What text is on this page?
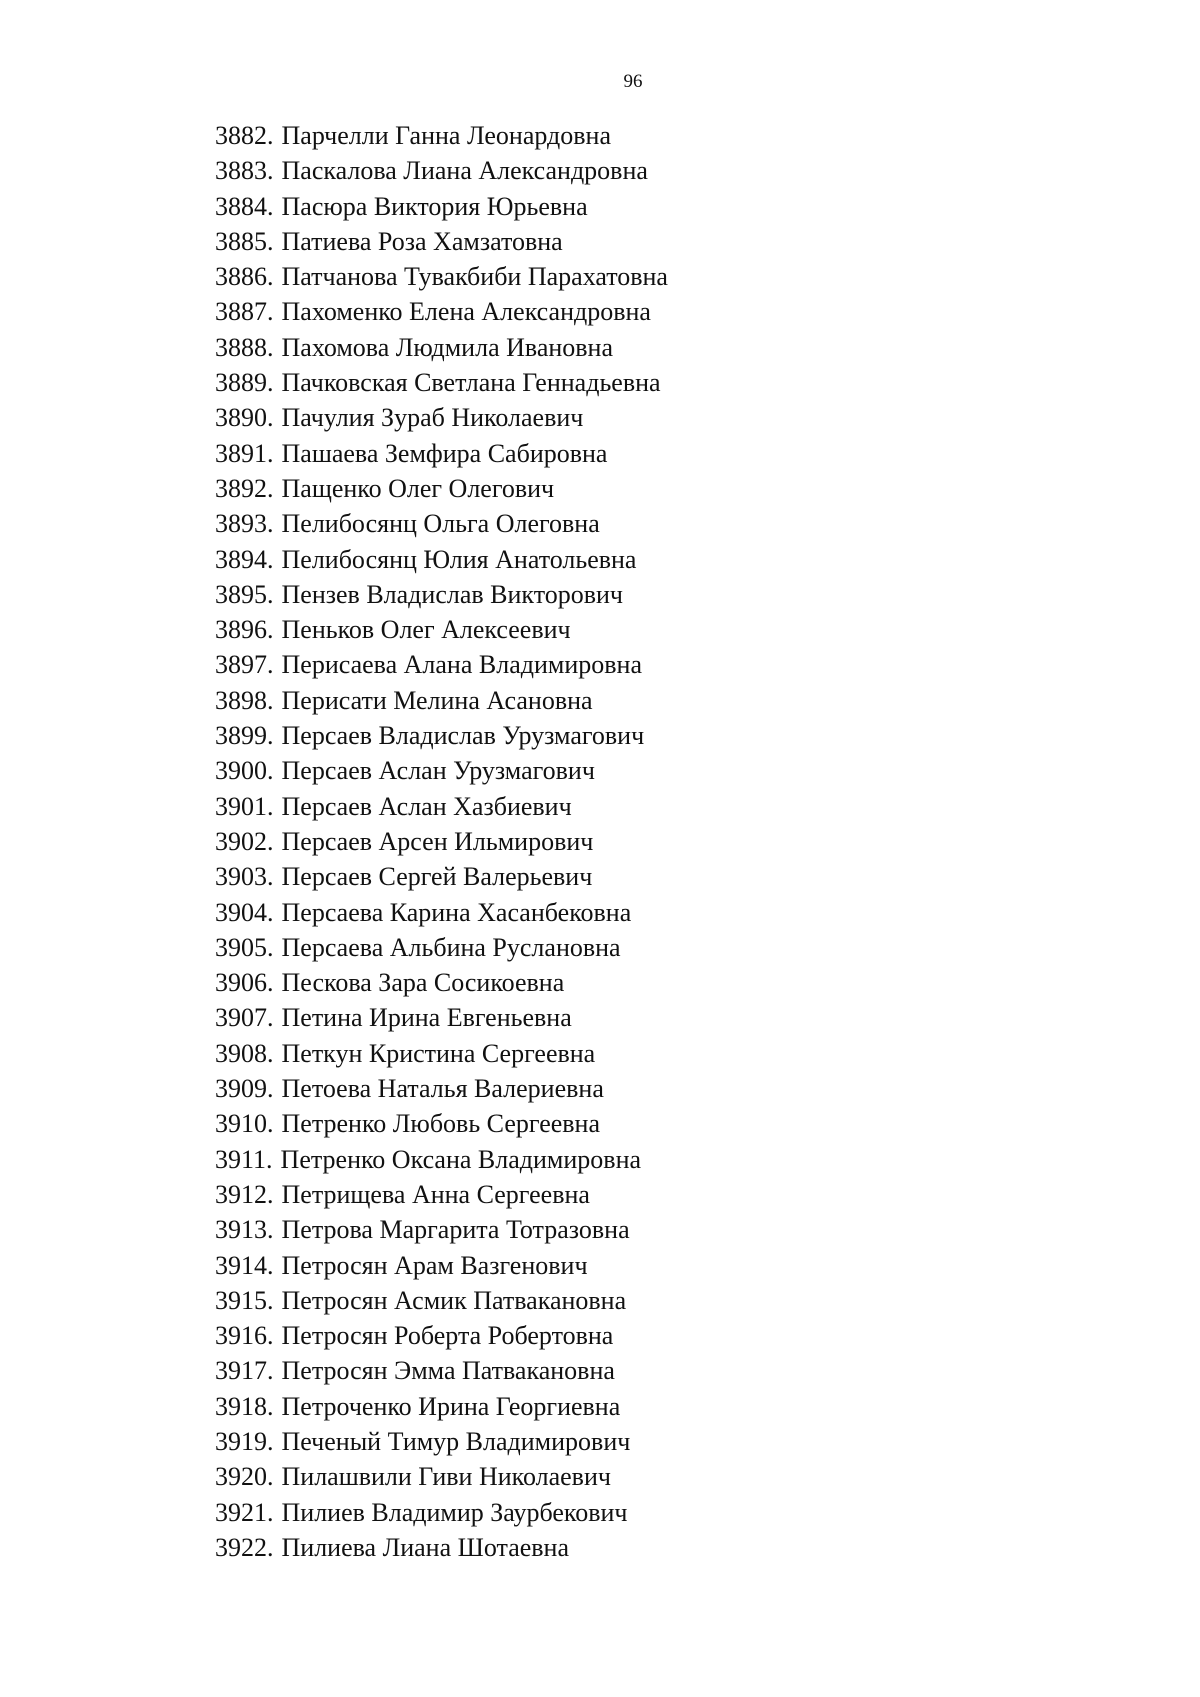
96
3882. Парчелли Ганна Леонардовна
3883. Паскалова Лиана Александровна
3884. Пасюра Виктория Юрьевна
3885. Патиева Роза Хамзатовна
3886. Патчанова Тувакбиби Парахатовна
3887. Пахоменко Елена Александровна
3888. Пахомова Людмила Ивановна
3889. Пачковская Светлана Геннадьевна
3890. Пачулия Зураб Николаевич
3891. Пашаева Земфира Сабировна
3892. Пащенко Олег Олегович
3893. Пелибосянц Ольга Олеговна
3894. Пелибосянц Юлия Анатольевна
3895. Пензев Владислав Викторович
3896. Пеньков Олег Алексеевич
3897. Перисаева Алана Владимировна
3898. Перисати Мелина Асановна
3899. Персаев Владислав Урузмагович
3900. Персаев Аслан Урузмагович
3901. Персаев Аслан Хазбиевич
3902. Персаев Арсен Ильмирович
3903. Персаев Сергей Валерьевич
3904. Персаева Карина Хасанбековна
3905. Персаева Альбина Руслановна
3906. Пескова Зара Сосикоевна
3907. Петина Ирина Евгеньевна
3908. Петкун Кристина Сергеевна
3909. Петоева Наталья Валериевна
3910. Петренко Любовь Сергеевна
3911. Петренко Оксана Владимировна
3912. Петрищева Анна Сергеевна
3913. Петрова Маргарита Тотразовна
3914. Петросян Арам Вазгенович
3915. Петросян Асмик Патвакановна
3916. Петросян Роберта Робертовна
3917. Петросян Эмма Патвакановна
3918. Петроченко Ирина Георгиевна
3919. Печеный Тимур Владимирович
3920. Пилашвили Гиви Николаевич
3921. Пилиев Владимир Заурбекович
3922. Пилиева Лиана Шотаевна
